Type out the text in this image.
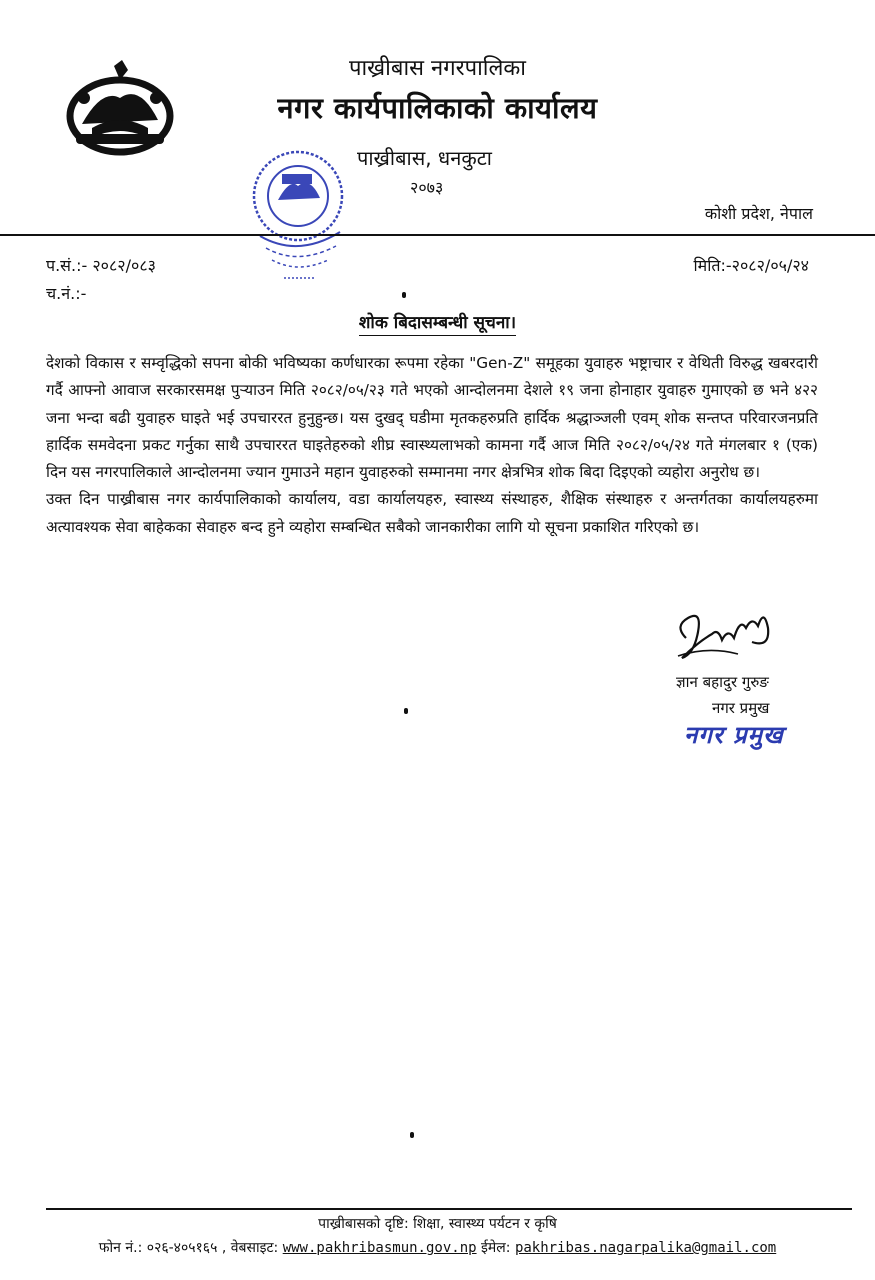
पाख्रीबास नगरपालिका
नगर कार्यपालिकाको कार्यालय
पाख्रीबास, धनकुटा
२०७३
कोशी प्रदेश, नेपाल
प.सं.:- २०८२/०८३	मिति:-२०८२/०५/२४
च.नं.:-
शोक बिदासम्बन्धी सूचना।

देशको विकास र सम्वृद्धिको सपना बोकी भविष्यका कर्णधारका रूपमा रहेका "Gen-Z" समूहका युवाहरु भष्ट्राचार र वेथिती विरुद्ध खबरदारी गर्दै आफ्नो आवाज सरकारसमक्ष पुऱ्याउन मिति २०८२/०५/२३ गते भएको आन्दोलनमा देशले १९ जना होनाहार युवाहरु गुमाएको छ भने ४२२ जना भन्दा बढी युवाहरु घाइते भई उपचाररत हुनुहुन्छ। यस दुखद् घडीमा मृतकहरुप्रति हार्दिक श्रद्धाञ्जली एवम् शोक सन्तप्त परिवारजनप्रति हार्दिक समवेदना प्रकट गर्नुका साथै उपचाररत घाइतेहरुको शीघ्र स्वास्थ्यलाभको कामना गर्दै आज मिति २०८२/०५/२४ गते मंगलबार १ (एक) दिन यस नगरपालिकाले आन्दोलनमा ज्यान गुमाउने महान युवाहरुको सम्मानमा नगर क्षेत्रभित्र शोक बिदा दिइएको व्यहोरा अनुरोध छ।

उक्त दिन पाख्रीबास नगर कार्यपालिकाको कार्यालय, वडा कार्यालयहरु, स्वास्थ्य संस्थाहरु, शैक्षिक संस्थाहरु र अन्तर्गतका कार्यालयहरुमा अत्यावश्यक सेवा बाहेकका सेवाहरु बन्द हुने व्यहोरा सम्बन्धित सबैको जानकारीका लागि यो सूचना प्रकाशित गरिएको छ।

ज्ञान बहादुर गुरुङ
नगर प्रमुख
नगर प्रमुख
पाख्रीबासको दृष्टि: शिक्षा, स्वास्थ्य पर्यटन र कृषि
फोन नं.: ०२६-४०५१६५ , वेबसाइट: www.pakhribasmun.gov.np ईमेल: pakhribas.nagarpalika@gmail.com
